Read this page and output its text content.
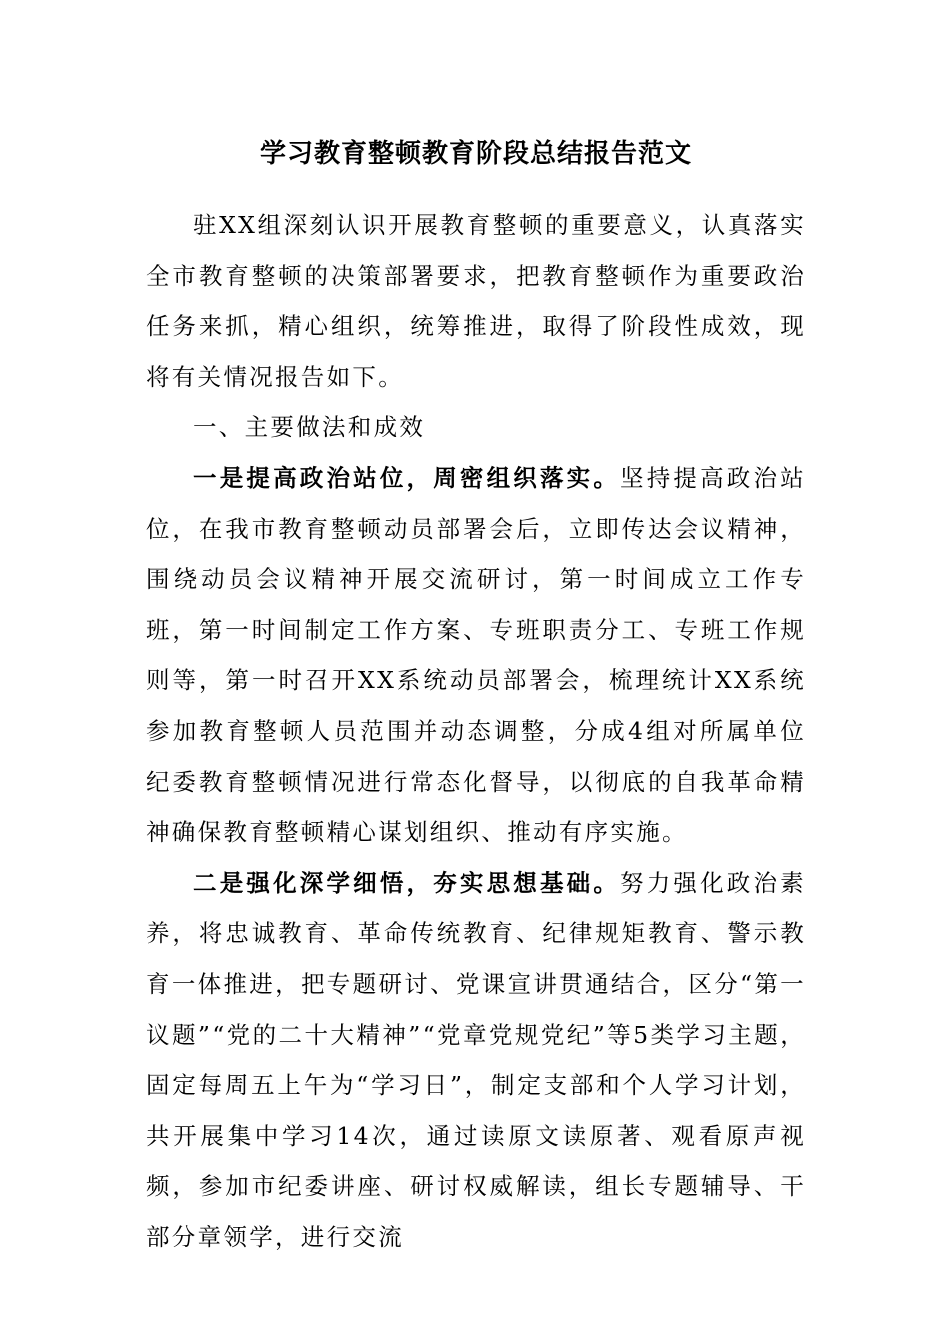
学习教育整顿教育阶段总结报告范文

驻XX组深刻认识开展教育整顿的重要意义，认真落实全市教育整顿的决策部署要求，把教育整顿作为重要政治任务来抓，精心组织，统筹推进，取得了阶段性成效，现将有关情况报告如下。

一、主要做法和成效

一是提高政治站位，周密组织落实。坚持提高政治站位，在我市教育整顿动员部署会后，立即传达会议精神，围绕动员会议精神开展交流研讨，第一时间成立工作专班，第一时间制定工作方案、专班职责分工、专班工作规则等，第一时召开XX系统动员部署会，梳理统计XX系统参加教育整顿人员范围并动态调整，分成4组对所属单位纪委教育整顿情况进行常态化督导，以彻底的自我革命精神确保教育整顿精心谋划组织、推动有序实施。

二是强化深学细悟，夯实思想基础。努力强化政治素养，将忠诚教育、革命传统教育、纪律规矩教育、警示教育一体推进，把专题研讨、党课宣讲贯通结合，区分“第一议题”“党的二十大精神”“党章党规党纪”等5类学习主题，固定每周五上午为“学习日”，制定支部和个人学习计划，共开展集中学习14次，通过读原文读原著、观看原声视频，参加市纪委讲座、研讨权威解读，组长专题辅导、干部分章领学，进行交流
